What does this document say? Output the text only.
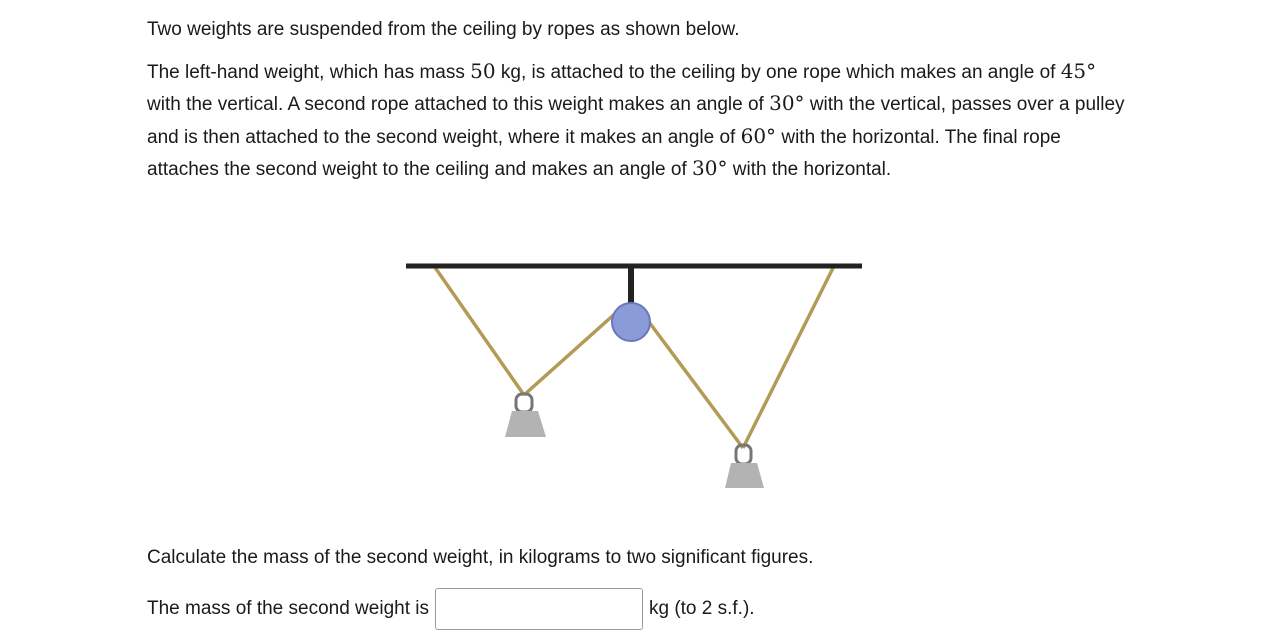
Two weights are suspended from the ceiling by ropes as shown below.

The left-hand weight, which has mass 50 kg, is attached to the ceiling by one rope which makes an angle of 45° with the vertical. A second rope attached to this weight makes an angle of 30° with the vertical, passes over a pulley and is then attached to the second weight, where it makes an angle of 60° with the horizontal. The final rope attaches the second weight to the ceiling and makes an angle of 30° with the horizontal.

Calculate the mass of the second weight, in kilograms to two significant figures.

The mass of the second weight is	kg (to 2 s.f.).
